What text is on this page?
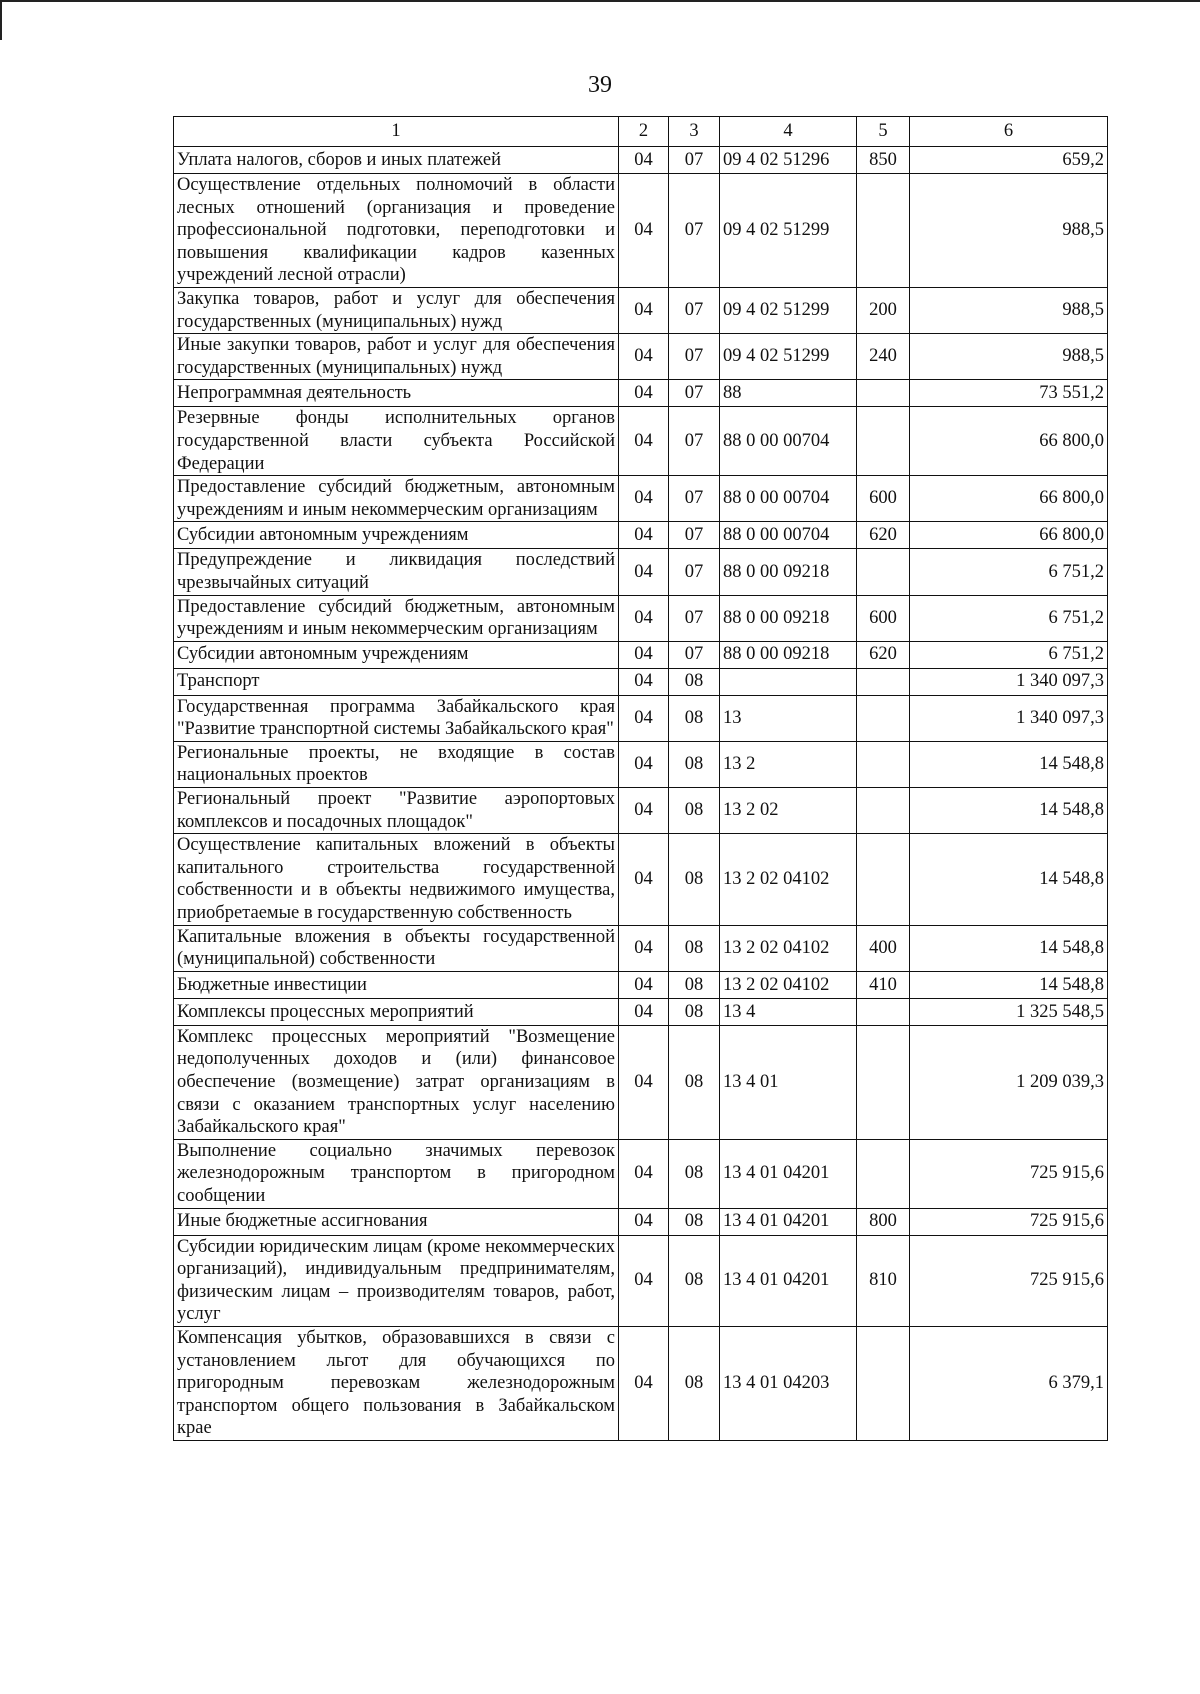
39
1	2	3	4	5	6
Уплата налогов, сборов и иных платежей	04	07	09 4 02 51296	850	659,2
Осуществление отдельных полномочий в области лесных отношений (организация и проведение профессиональной подготовки, переподготовки и повышения квалификации кадров казенных учреждений лесной отрасли)	04	07	09 4 02 51299		988,5
Закупка товаров, работ и услуг для обеспечения государственных (муниципальных) нужд	04	07	09 4 02 51299	200	988,5
Иные закупки товаров, работ и услуг для обеспечения государственных (муниципальных) нужд	04	07	09 4 02 51299	240	988,5
Непрограммная деятельность	04	07	88		73 551,2
Резервные фонды исполнительных органов государственной власти субъекта Российской Федерации	04	07	88 0 00 00704		66 800,0
Предоставление субсидий бюджетным, автономным учреждениям и иным некоммерческим организациям	04	07	88 0 00 00704	600	66 800,0
Субсидии автономным учреждениям	04	07	88 0 00 00704	620	66 800,0
Предупреждение и ликвидация последствий чрезвычайных ситуаций	04	07	88 0 00 09218		6 751,2
Предоставление субсидий бюджетным, автономным учреждениям и иным некоммерческим организациям	04	07	88 0 00 09218	600	6 751,2
Субсидии автономным учреждениям	04	07	88 0 00 09218	620	6 751,2
Транспорт	04	08			1 340 097,3
Государственная программа Забайкальского края "Развитие транспортной системы Забайкальского края"	04	08	13		1 340 097,3
Региональные проекты, не входящие в состав национальных проектов	04	08	13 2		14 548,8
Региональный проект "Развитие аэропортовых комплексов и посадочных площадок"	04	08	13 2 02		14 548,8
Осуществление капитальных вложений в объекты капитального строительства государственной собственности и в объекты недвижимого имущества, приобретаемые в государственную собственность	04	08	13 2 02 04102		14 548,8
Капитальные вложения в объекты государственной (муниципальной) собственности	04	08	13 2 02 04102	400	14 548,8
Бюджетные инвестиции	04	08	13 2 02 04102	410	14 548,8
Комплексы процессных мероприятий	04	08	13 4		1 325 548,5
Комплекс процессных мероприятий "Возмещение недополученных доходов и (или) финансовое обеспечение (возмещение) затрат организациям в связи с оказанием транспортных услуг населению Забайкальского края"	04	08	13 4 01		1 209 039,3
Выполнение социально значимых перевозок железнодорожным транспортом в пригородном сообщении	04	08	13 4 01 04201		725 915,6
Иные бюджетные ассигнования	04	08	13 4 01 04201	800	725 915,6
Субсидии юридическим лицам (кроме некоммерческих организаций), индивидуальным предпринимателям, физическим лицам – производителям товаров, работ, услуг	04	08	13 4 01 04201	810	725 915,6
Компенсация убытков, образовавшихся в связи с установлением льгот для обучающихся по пригородным перевозкам железнодорожным транспортом общего пользования в Забайкальском крае	04	08	13 4 01 04203		6 379,1
